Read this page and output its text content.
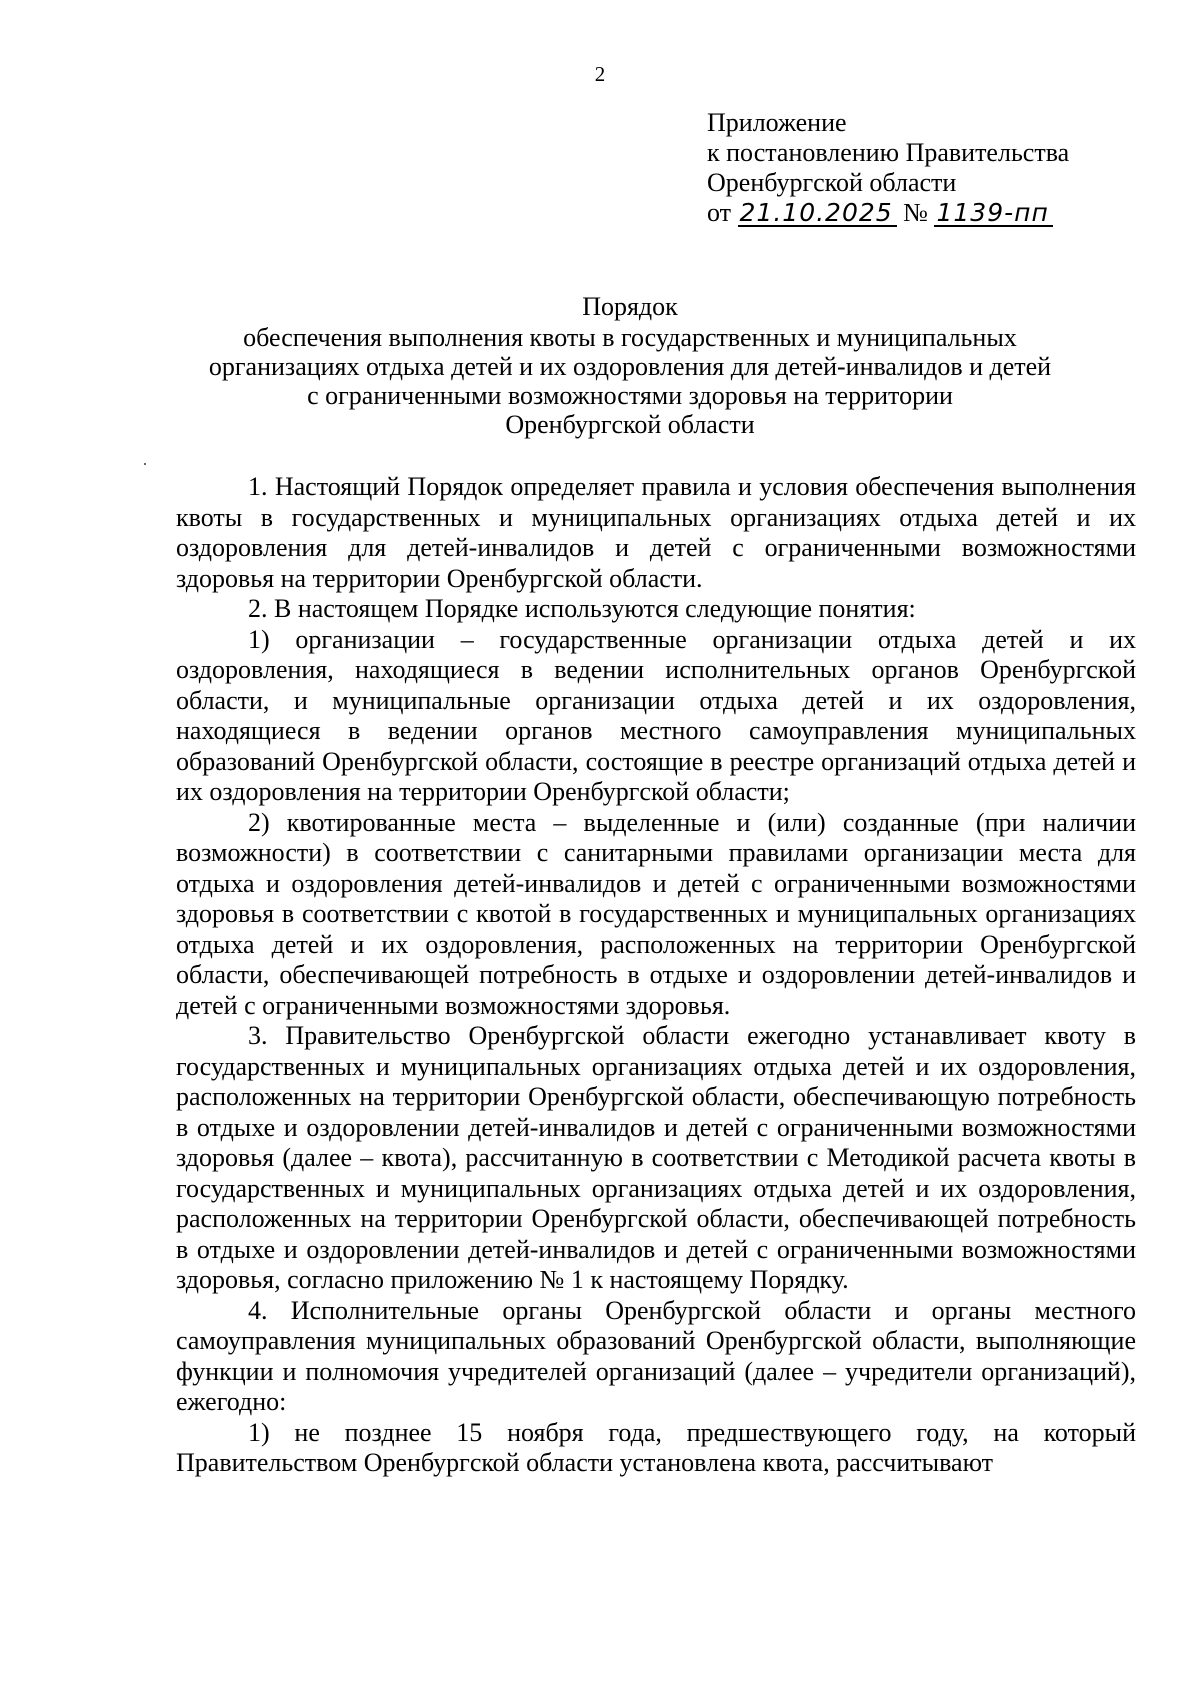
2
Приложение
к постановлению Правительства
Оренбургской области
от 21.10.2025 № 1139-пп
Порядок
обеспечения выполнения квоты в государственных и муниципальных
организациях отдыха детей и их оздоровления для детей-инвалидов и детей
с ограниченными возможностями здоровья на территории
Оренбургской области

1. Настоящий Порядок определяет правила и условия обеспечения выполнения квоты в государственных и муниципальных организациях отдыха детей и их оздоровления для детей-инвалидов и детей с ограниченными возможностями здоровья на территории Оренбургской области.

2. В настоящем Порядке используются следующие понятия:

1) организации – государственные организации отдыха детей и их оздоровления, находящиеся в ведении исполнительных органов Оренбургской области, и муниципальные организации отдыха детей и их оздоровления, находящиеся в ведении органов местного самоуправления муниципальных образований Оренбургской области, состоящие в реестре организаций отдыха детей и их оздоровления на территории Оренбургской области;

2) квотированные места – выделенные и (или) созданные (при наличии возможности) в соответствии с санитарными правилами организации места для отдыха и оздоровления детей-инвалидов и детей с ограниченными возможностями здоровья в соответствии с квотой в государственных и муниципальных организациях отдыха детей и их оздоровления, расположенных на территории Оренбургской области, обеспечивающей потребность в отдыхе и оздоровлении детей-инвалидов и детей с ограниченными возможностями здоровья.

3. Правительство Оренбургской области ежегодно устанавливает квоту в государственных и муниципальных организациях отдыха детей и их оздоровления, расположенных на территории Оренбургской области, обеспечивающую потребность в отдыхе и оздоровлении детей-инвалидов и детей с ограниченными возможностями здоровья (далее – квота), рассчитанную в соответствии с Методикой расчета квоты в государственных и муниципальных организациях отдыха детей и их оздоровления, расположенных на территории Оренбургской области, обеспечивающей потребность в отдыхе и оздоровлении детей-инвалидов и детей с ограниченными возможностями здоровья, согласно приложению № 1 к настоящему Порядку.

4. Исполнительные органы Оренбургской области и органы местного самоуправления муниципальных образований Оренбургской области, выполняющие функции и полномочия учредителей организаций (далее – учредители организаций), ежегодно:

1) не позднее 15 ноября года, предшествующего году, на который Правительством Оренбургской области установлена квота, рассчитывают
